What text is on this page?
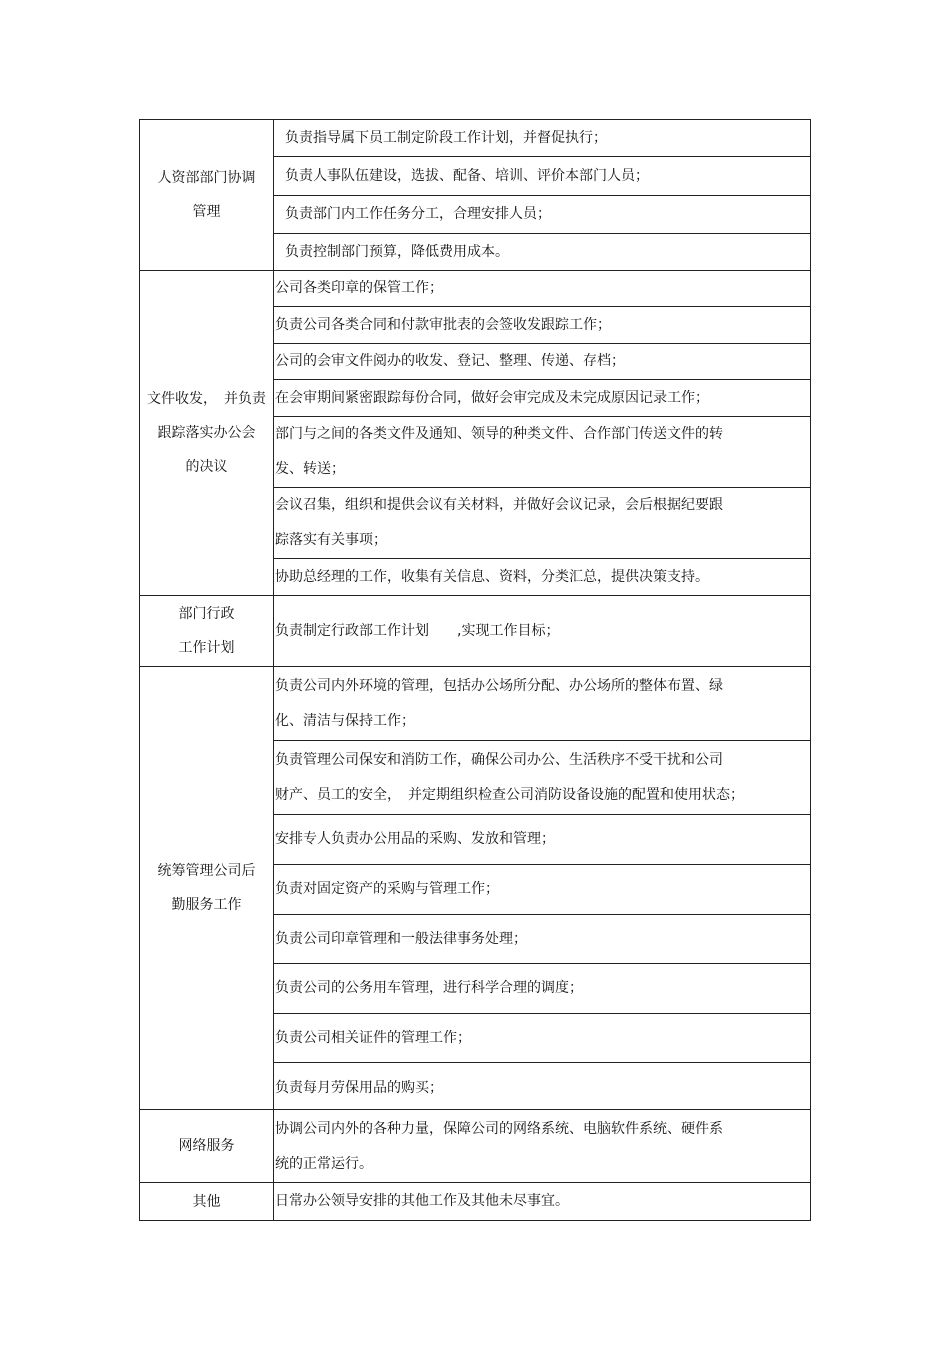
人资部部门协调
管理
负责指导属下员工制定阶段工作计划，并督促执行；
负责人事队伍建设，选拔、配备、培训、评价本部门人员；
负责部门内工作任务分工，合理安排人员；
负责控制部门预算，降低费用成本。
文件收发，　并负责
跟踪落实办公会
的决议
公司各类印章的保管工作；
负责公司各类合同和付款审批表的会签收发跟踪工作；
公司的会审文件阅办的收发、登记、整理、传递、存档；
在会审期间紧密跟踪每份合同，做好会审完成及未完成原因记录工作；
部门与之间的各类文件及通知、领导的种类文件、合作部门传送文件的转
发、转送；
会议召集，组织和提供会议有关材料，并做好会议记录，会后根据纪要跟
踪落实有关事项；
协助总经理的工作，收集有关信息、资料，分类汇总，提供决策支持。
部门行政
工作计划
负责制定行政部工作计划　　,实现工作目标；
统筹管理公司后
勤服务工作
负责公司内外环境的管理，包括办公场所分配、办公场所的整体布置、绿
化、清洁与保持工作；
负责管理公司保安和消防工作，确保公司办公、生活秩序不受干扰和公司
财产、员工的安全，　并定期组织检查公司消防设备设施的配置和使用状态；
安排专人负责办公用品的采购、发放和管理；
负责对固定资产的采购与管理工作；
负责公司印章管理和一般法律事务处理；
负责公司的公务用车管理，进行科学合理的调度；
负责公司相关证件的管理工作；
负责每月劳保用品的购买；
网络服务
协调公司内外的各种力量，保障公司的网络系统、电脑软件系统、硬件系
统的正常运行。
其他	日常办公领导安排的其他工作及其他未尽事宜。
